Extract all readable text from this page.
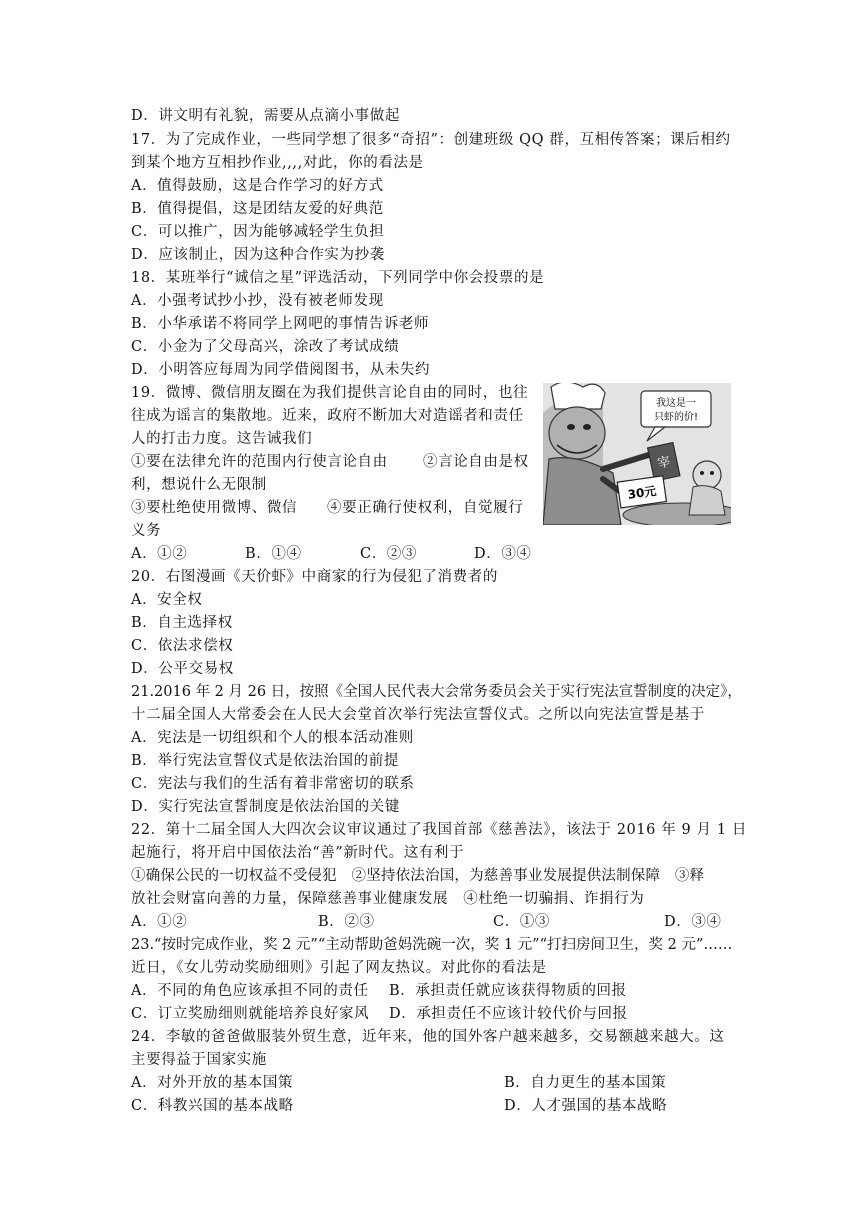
D．讲文明有礼貌，需要从点滴小事做起
17．为了完成作业，一些同学想了很多“奇招”：创建班级 QQ 群，互相传答案；课后相约
到某个地方互相抄作业,,,,对此，你的看法是
A．值得鼓励，这是合作学习的好方式
B．值得提倡，这是团结友爱的好典范
C．可以推广，因为能够减轻学生负担
D．应该制止，因为这种合作实为抄袭
18．某班举行“诚信之星”评选活动，下列同学中你会投票的是
A．小强考试抄小抄，没有被老师发现
B．小华承诺不将同学上网吧的事情告诉老师
C．小金为了父母高兴，涂改了考试成绩
D．小明答应每周为同学借阅图书，从未失约
19．微博、微信朋友圈在为我们提供言论自由的同时，也往
往成为谣言的集散地。近来，政府不断加大对造谣者和责任
人的打击力度。这告诫我们
①要在法律允许的范围内行使言论自由 ②言论自由是权
利，想说什么无限制
③要杜绝使用微博、微信 ④要正确行使权利，自觉履行
义务
A．①②	B．①④	C．②③	D．③④
我这是一
只虾的价!
宰
30元
20．右图漫画《天价虾》中商家的行为侵犯了消费者的
A．安全权
B．自主选择权
C．依法求偿权
D．公平交易权
21.2016 年 2 月 26 日，按照《全国人民代表大会常务委员会关于实行宪法宣誓制度的决定》，
十二届全国人大常委会在人民大会堂首次举行宪法宣誓仪式。之所以向宪法宣誓是基于
A．宪法是一切组织和个人的根本活动准则
B．举行宪法宣誓仪式是依法治国的前提
C．宪法与我们的生活有着非常密切的联系
D．实行宪法宣誓制度是依法治国的关键
22．第十二届全国人大四次会议审议通过了我国首部《慈善法》，该法于 2016 年 9 月 1 日
起施行，将开启中国依法治“善”新时代。这有利于
①确保公民的一切权益不受侵犯　②坚持依法治国，为慈善事业发展提供法制保障　③释
放社会财富向善的力量，保障慈善事业健康发展　④杜绝一切骗捐、诈捐行为
A．①②	B．②③	C．①③	D．③④
23.“按时完成作业，奖 2 元”“主动帮助爸妈洗碗一次，奖 1 元”“打扫房间卫生，奖 2 元”……
近日，《女儿劳动奖励细则》引起了网友热议。对此你的看法是
A．不同的角色应该承担不同的责任 B．承担责任就应该获得物质的回报
C．订立奖励细则就能培养良好家风 D．承担责任不应该计较代价与回报
24．李敏的爸爸做服装外贸生意，近年来，他的国外客户越来越多，交易额越来越大。这
主要得益于国家实施
A．对外开放的基本国策	B．自力更生的基本国策
C．科教兴国的基本战略	D．人才强国的基本战略
